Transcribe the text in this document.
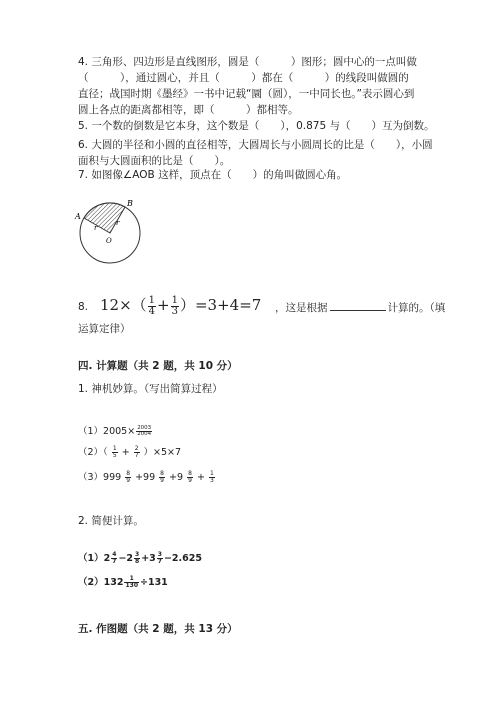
4. 三角形、四边形是直线图形，圆是（　　　）图形；圆中心的一点叫做
（　　　），通过圆心，并且（　　　）都在（　　　）的线段叫做圆的
直径；战国时期《墨经》一书中记载“圜（圆），一中同长也。”表示圆心到
圆上各点的距离都相等，即（　　　）都相等。
5. 一个数的倒数是它本身，这个数是（　　），0.875 与（　　）互为倒数。
6. 大圆的半径和小圆的直径相等，大圆周长与小圆周长的比是（　　），小圆
面积与大圆面积的比是（　　）。
7. 如图像∠AOB 这样，顶点在（　　）的角叫做圆心角。
A
B
O
r
r
8. $12\times( \frac{1}{4} + \frac{1}{3} )=3+4=7$ ，这是根据	计算的。（填
运算定律）
四. 计算题（共 2 题，共 10 分）
1. 神机妙算。（写出简算过程）
$(1)2005\times \frac{2003}{2004}$
$(2)( \frac{1}{5} + \frac{2}{7} )\times 5\times 7$
$(3)999 \frac{8}{9} +99 \frac{8}{9} +9 \frac{8}{9} + \frac{1}{3}$
2. 简便计算。
$(1)2 \frac{4}{7} -2 \frac{3}{8} +3 \frac{3}{7} -2.625$
$(2)132 \frac{1}{130} \div 131$
五. 作图题（共 2 题，共 13 分）
